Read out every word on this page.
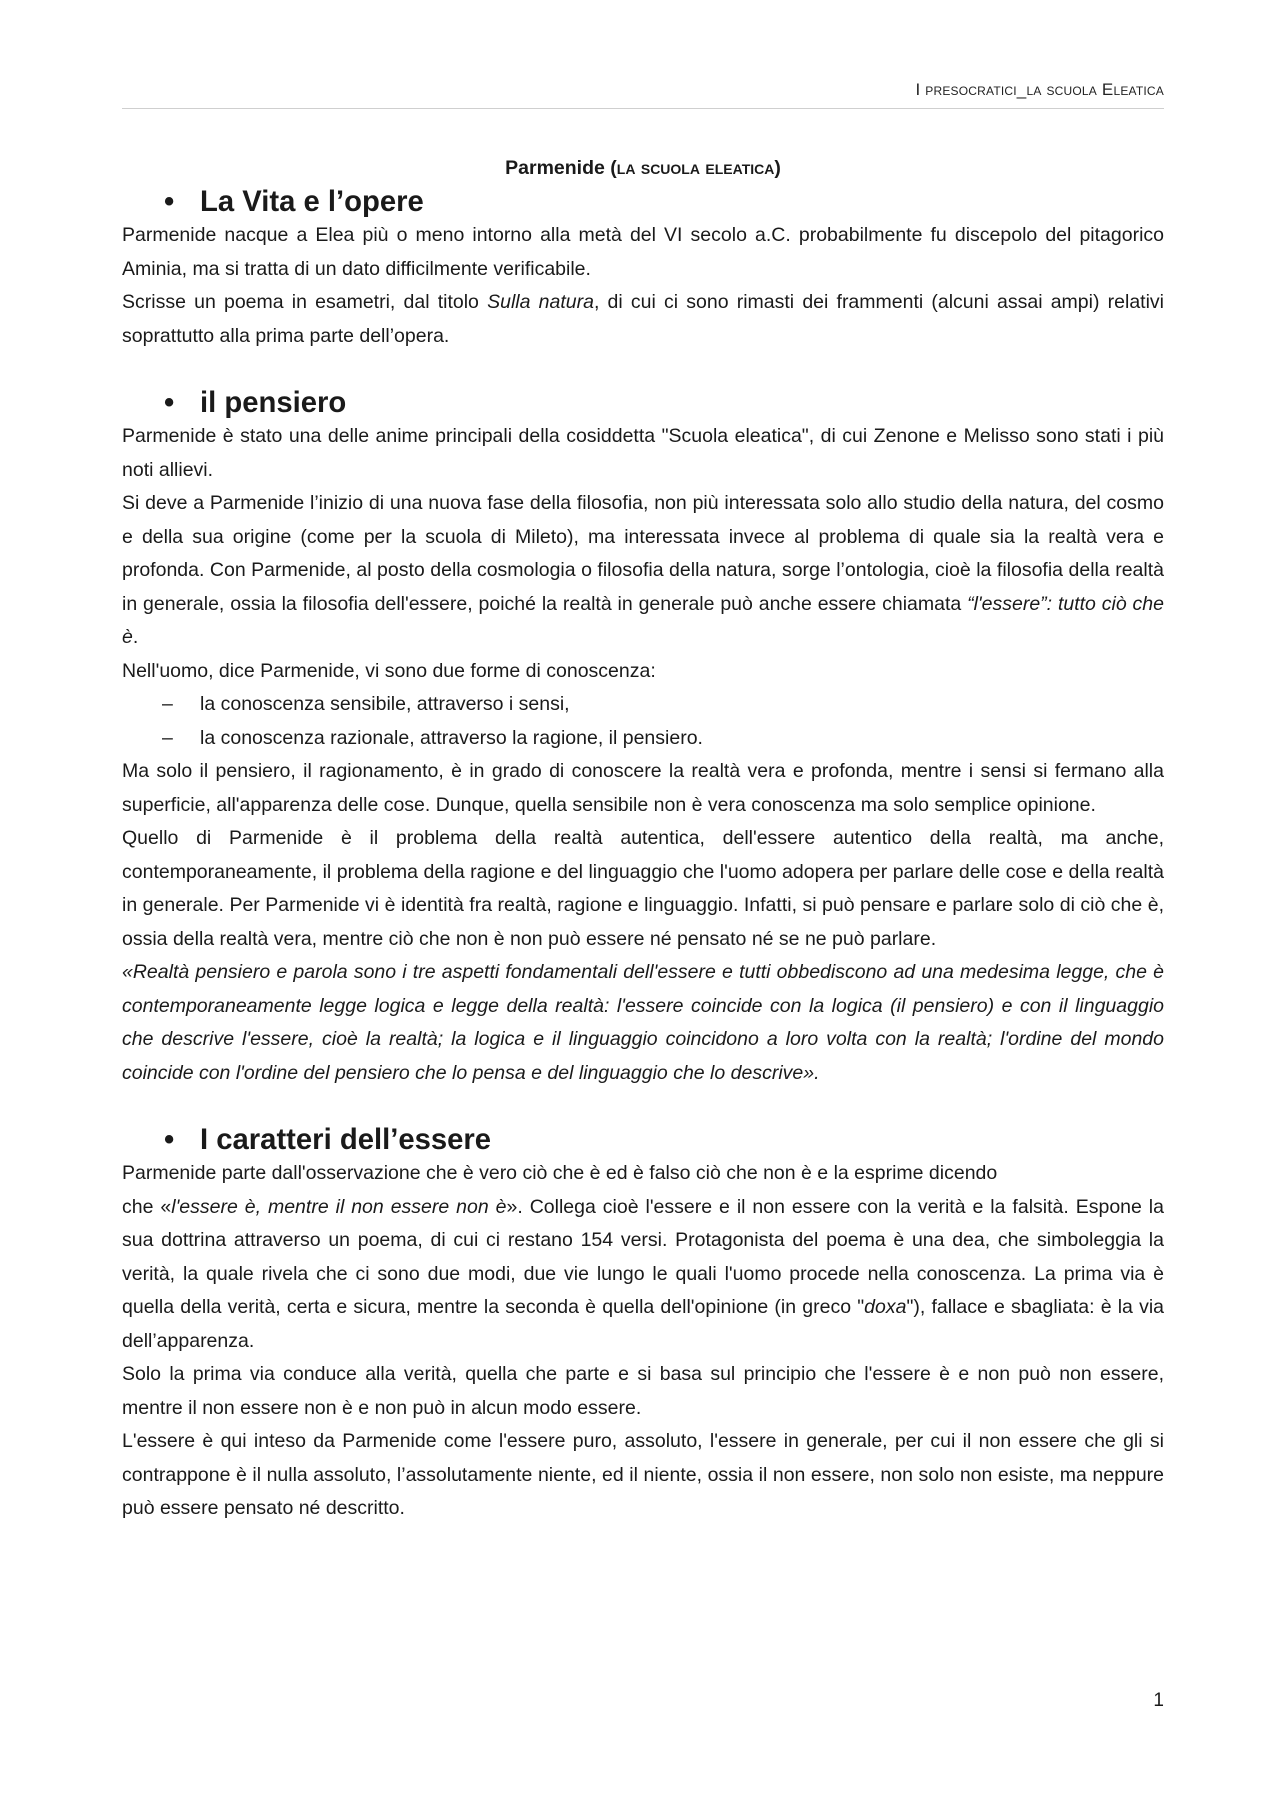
I presocratici_la scuola Eleatica
Parmenide (la scuola eleatica)
• La Vita e l’opere

Parmenide nacque a Elea più o meno intorno alla metà del VI secolo a.C. probabilmente fu discepolo del pitagorico Aminia, ma si tratta di un dato difficilmente verificabile.

Scrisse un poema in esametri, dal titolo Sulla natura, di cui ci sono rimasti dei frammenti (alcuni assai ampi) relativi soprattutto alla prima parte dell’opera.

• il pensiero

Parmenide è stato una delle anime principali della cosiddetta "Scuola eleatica", di cui Zenone e Melisso sono stati i più noti allievi.

Si deve a Parmenide l’inizio di una nuova fase della filosofia, non più interessata solo allo studio della natura, del cosmo e della sua origine (come per la scuola di Mileto), ma interessata invece al problema di quale sia la realtà vera e profonda. Con Parmenide, al posto della cosmologia o filosofia della natura, sorge l’ontologia, cioè la filosofia della realtà in generale, ossia la filosofia dell'essere, poiché la realtà in generale può anche essere chiamata “l'essere”: tutto ciò che è.

Nell'uomo, dice Parmenide, vi sono due forme di conoscenza:

– la conoscenza sensibile, attraverso i sensi,
– la conoscenza razionale, attraverso la ragione, il pensiero.

Ma solo il pensiero, il ragionamento, è in grado di conoscere la realtà vera e profonda, mentre i sensi si fermano alla superficie, all'apparenza delle cose. Dunque, quella sensibile non è vera conoscenza ma solo semplice opinione.

Quello di Parmenide è il problema della realtà autentica, dell'essere autentico della realtà, ma anche, contemporaneamente, il problema della ragione e del linguaggio che l'uomo adopera per parlare delle cose e della realtà in generale. Per Parmenide vi è identità fra realtà, ragione e linguaggio. Infatti, si può pensare e parlare solo di ciò che è, ossia della realtà vera, mentre ciò che non è non può essere né pensato né se ne può parlare.

«Realtà pensiero e parola sono i tre aspetti fondamentali dell'essere e tutti obbediscono ad una medesima legge, che è contemporaneamente legge logica e legge della realtà: l'essere coincide con la logica (il pensiero) e con il linguaggio che descrive l'essere, cioè la realtà; la logica e il linguaggio coincidono a loro volta con la realtà; l'ordine del mondo coincide con l'ordine del pensiero che lo pensa e del linguaggio che lo descrive».

• I caratteri dell’essere

Parmenide parte dall'osservazione che è vero ciò che è ed è falso ciò che non è e la esprime dicendo

che «l'essere è, mentre il non essere non è». Collega cioè l'essere e il non essere con la verità e la falsità. Espone la sua dottrina attraverso un poema, di cui ci restano 154 versi. Protagonista del poema è una dea, che simboleggia la verità, la quale rivela che ci sono due modi, due vie lungo le quali l'uomo procede nella conoscenza. La prima via è quella della verità, certa e sicura, mentre la seconda è quella dell'opinione (in greco "doxa"), fallace e sbagliata: è la via dell’apparenza.

Solo la prima via conduce alla verità, quella che parte e si basa sul principio che l'essere è e non può non essere, mentre il non essere non è e non può in alcun modo essere.

L'essere è qui inteso da Parmenide come l'essere puro, assoluto, l'essere in generale, per cui il non essere che gli si contrappone è il nulla assoluto, l’assolutamente niente, ed il niente, ossia il non essere, non solo non esiste, ma neppure può essere pensato né descritto.

1
